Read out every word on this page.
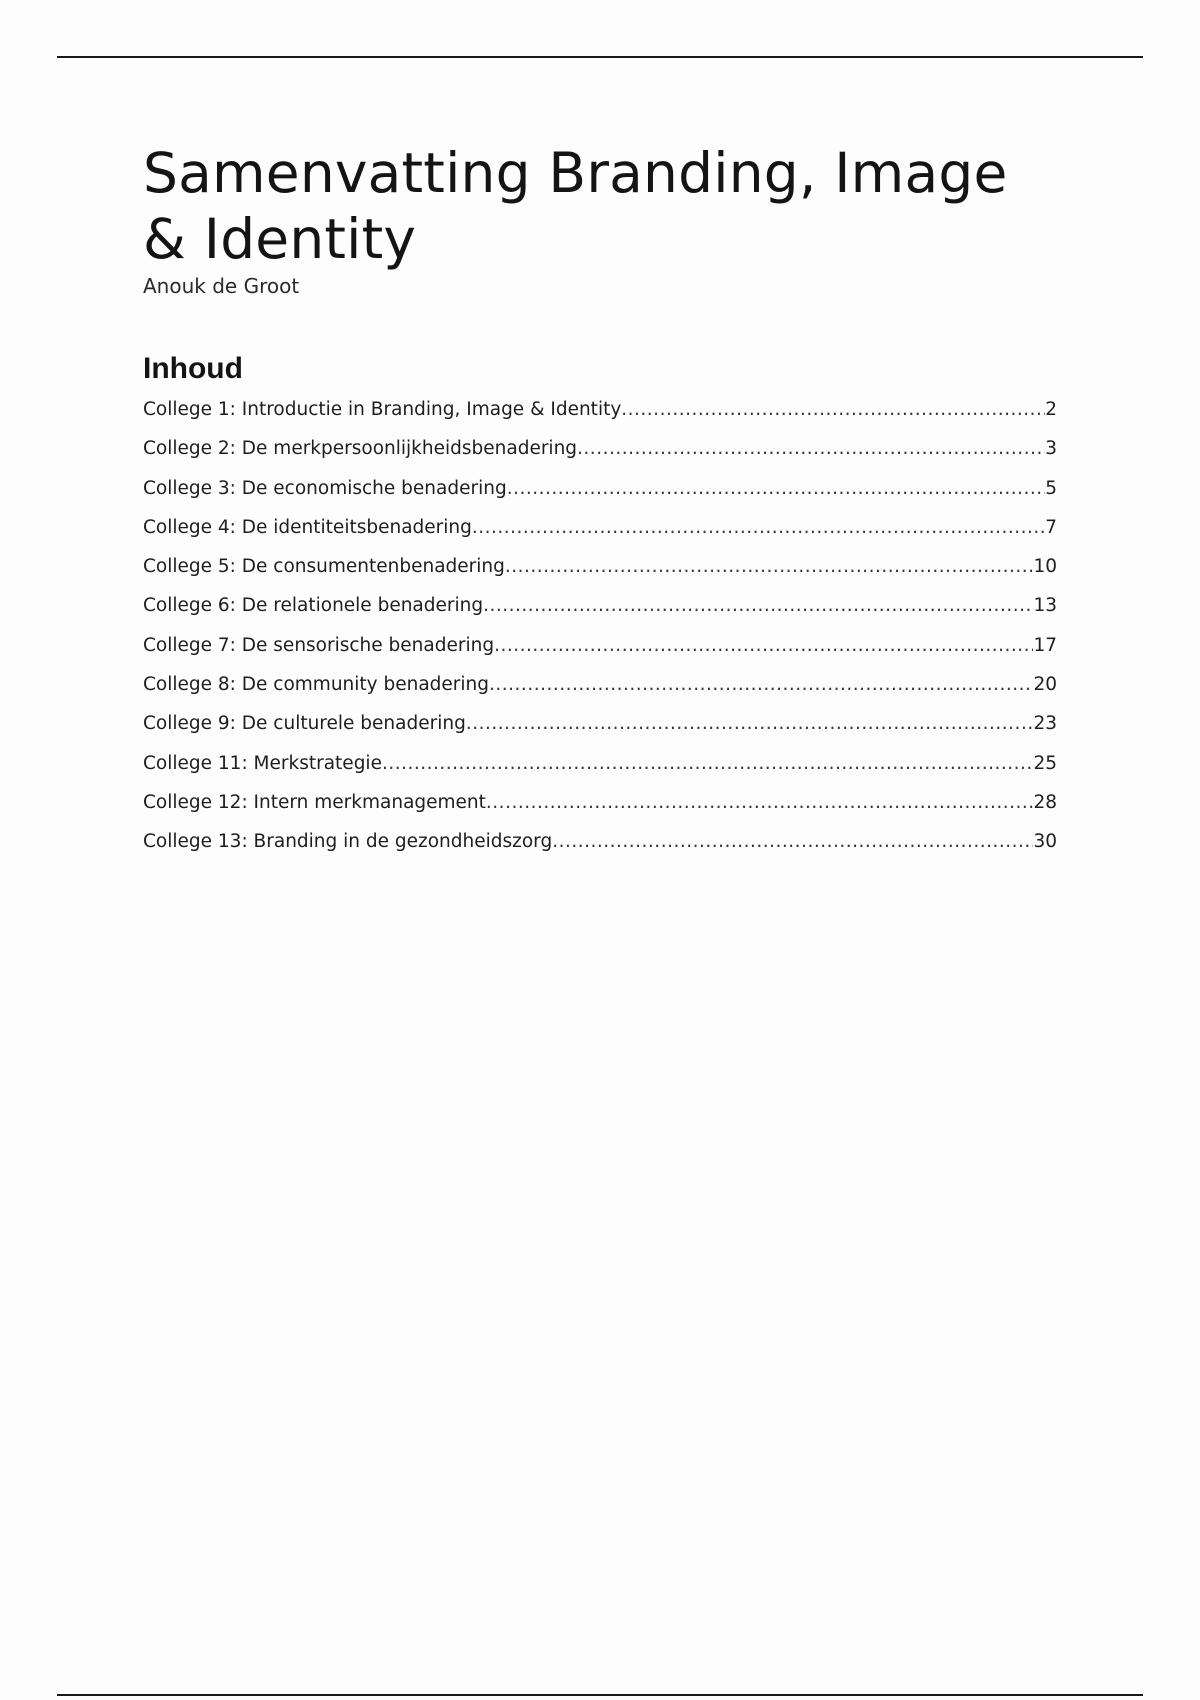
Samenvatting Branding, Image & Identity

Anouk de Groot

Inhoud
College 1: Introductie in Branding, Image & Identity .....	2
College 2: De merkpersoonlijkheidsbenadering .....	3
College 3: De economische benadering .....	5
College 4: De identiteitsbenadering .....	7
College 5: De consumentenbenadering .....	10
College 6: De relationele benadering .....	13
College 7: De sensorische benadering .....	17
College 8: De community benadering .....	20
College 9: De culturele benadering .....	23
College 11: Merkstrategie .....	25
College 12: Intern merkmanagement .....	28
College 13: Branding in de gezondheidszorg .....	30
